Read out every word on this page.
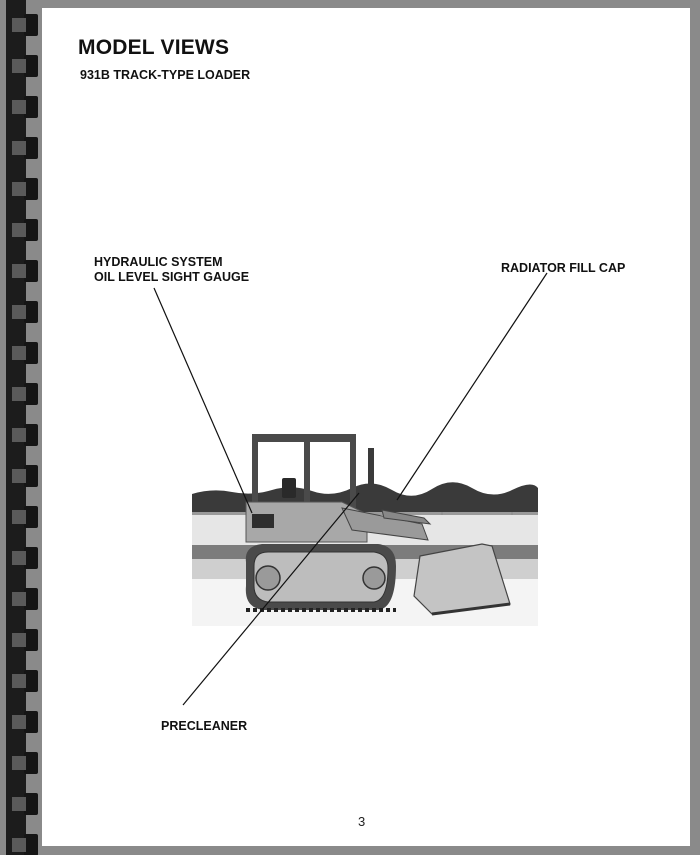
MODEL VIEWS
931B TRACK-TYPE LOADER
HYDRAULIC SYSTEM
OIL LEVEL SIGHT GAUGE
RADIATOR FILL CAP
PRECLEANER
3
